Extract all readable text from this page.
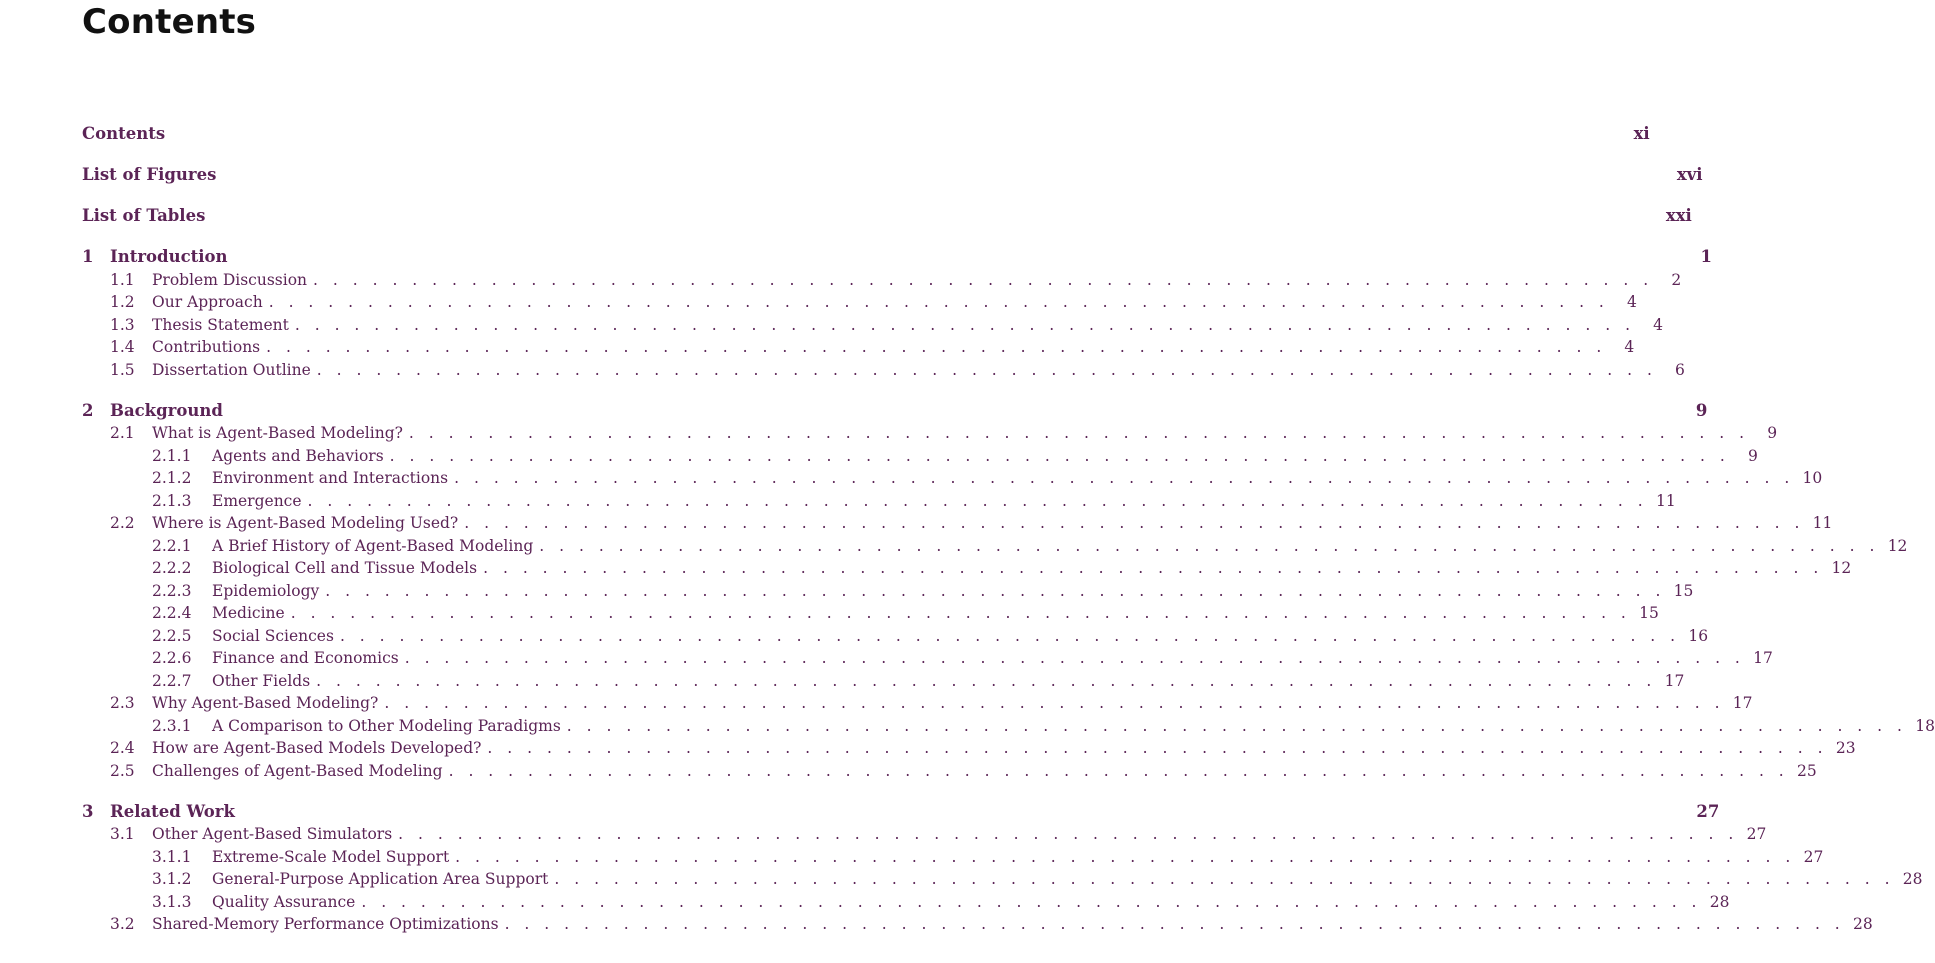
Contents
Contents	xi
List of Figures	xvi
List of Tables	xxi
1	Introduction	1
1.1	Problem Discussion . . . . . . . . . . . . . . . . . . . . . . . . . . . . . . . . . . . . . . . . . . . . . . . . . . . . . . . . . . . . . . . . . . . .	2
1.2	Our Approach . . . . . . . . . . . . . . . . . . . . . . . . . . . . . . . . . . . . . . . . . . . . . . . . . . . . . . . . . . . . . . . . . . . .	4
1.3	Thesis Statement . . . . . . . . . . . . . . . . . . . . . . . . . . . . . . . . . . . . . . . . . . . . . . . . . . . . . . . . . . . . . . . . . . . .	4
1.4	Contributions . . . . . . . . . . . . . . . . . . . . . . . . . . . . . . . . . . . . . . . . . . . . . . . . . . . . . . . . . . . . . . . . . . . .	4
1.5	Dissertation Outline . . . . . . . . . . . . . . . . . . . . . . . . . . . . . . . . . . . . . . . . . . . . . . . . . . . . . . . . . . . . . . . . . . . .	6
2	Background	9
2.1	What is Agent-Based Modeling? . . . . . . . . . . . . . . . . . . . . . . . . . . . . . . . . . . . . . . . . . . . . . . . . . . . . . . . . . . . . . . . . . . . .	9
2.1.1	Agents and Behaviors . . . . . . . . . . . . . . . . . . . . . . . . . . . . . . . . . . . . . . . . . . . . . . . . . . . . . . . . . . . . . . . . . . . .	9
2.1.2	Environment and Interactions . . . . . . . . . . . . . . . . . . . . . . . . . . . . . . . . . . . . . . . . . . . . . . . . . . . . . . . . . . . . . . . . . . . . 10
2.1.3	Emergence . . . . . . . . . . . . . . . . . . . . . . . . . . . . . . . . . . . . . . . . . . . . . . . . . . . . . . . . . . . . . . . . . . . . 11
2.2	Where is Agent-Based Modeling Used? . . . . . . . . . . . . . . . . . . . . . . . . . . . . . . . . . . . . . . . . . . . . . . . . . . . . . . . . . . . . . . . . . . . . 11
2.2.1	A Brief History of Agent-Based Modeling . . . . . . . . . . . . . . . . . . . . . . . . . . . . . . . . . . . . . . . . . . . . . . . . . . . . . . . . . . . . . . . . . . . . 12
2.2.2	Biological Cell and Tissue Models . . . . . . . . . . . . . . . . . . . . . . . . . . . . . . . . . . . . . . . . . . . . . . . . . . . . . . . . . . . . . . . . . . . . 12
2.2.3	Epidemiology . . . . . . . . . . . . . . . . . . . . . . . . . . . . . . . . . . . . . . . . . . . . . . . . . . . . . . . . . . . . . . . . . . . . 15
2.2.4	Medicine . . . . . . . . . . . . . . . . . . . . . . . . . . . . . . . . . . . . . . . . . . . . . . . . . . . . . . . . . . . . . . . . . . . . 15
2.2.5	Social Sciences . . . . . . . . . . . . . . . . . . . . . . . . . . . . . . . . . . . . . . . . . . . . . . . . . . . . . . . . . . . . . . . . . . . . 16
2.2.6	Finance and Economics . . . . . . . . . . . . . . . . . . . . . . . . . . . . . . . . . . . . . . . . . . . . . . . . . . . . . . . . . . . . . . . . . . . . 17
2.2.7	Other Fields . . . . . . . . . . . . . . . . . . . . . . . . . . . . . . . . . . . . . . . . . . . . . . . . . . . . . . . . . . . . . . . . . . . . 17
2.3	Why Agent-Based Modeling? . . . . . . . . . . . . . . . . . . . . . . . . . . . . . . . . . . . . . . . . . . . . . . . . . . . . . . . . . . . . . . . . . . . . 17
2.3.1	A Comparison to Other Modeling Paradigms . . . . . . . . . . . . . . . . . . . . . . . . . . . . . . . . . . . . . . . . . . . . . . . . . . . . . . . . . . . . . . . . . . . . 18
2.4	How are Agent-Based Models Developed? . . . . . . . . . . . . . . . . . . . . . . . . . . . . . . . . . . . . . . . . . . . . . . . . . . . . . . . . . . . . . . . . . . . . 23
2.5	Challenges of Agent-Based Modeling . . . . . . . . . . . . . . . . . . . . . . . . . . . . . . . . . . . . . . . . . . . . . . . . . . . . . . . . . . . . . . . . . . . . 25
3	Related Work	27
3.1	Other Agent-Based Simulators . . . . . . . . . . . . . . . . . . . . . . . . . . . . . . . . . . . . . . . . . . . . . . . . . . . . . . . . . . . . . . . . . . . . 27
3.1.1	Extreme-Scale Model Support . . . . . . . . . . . . . . . . . . . . . . . . . . . . . . . . . . . . . . . . . . . . . . . . . . . . . . . . . . . . . . . . . . . . 27
3.1.2	General-Purpose Application Area Support . . . . . . . . . . . . . . . . . . . . . . . . . . . . . . . . . . . . . . . . . . . . . . . . . . . . . . . . . . . . . . . . . . . . 28
3.1.3	Quality Assurance . . . . . . . . . . . . . . . . . . . . . . . . . . . . . . . . . . . . . . . . . . . . . . . . . . . . . . . . . . . . . . . . . . . . 28
3.2	Shared-Memory Performance Optimizations . . . . . . . . . . . . . . . . . . . . . . . . . . . . . . . . . . . . . . . . . . . . . . . . . . . . . . . . . . . . . . . . . . . . 28
